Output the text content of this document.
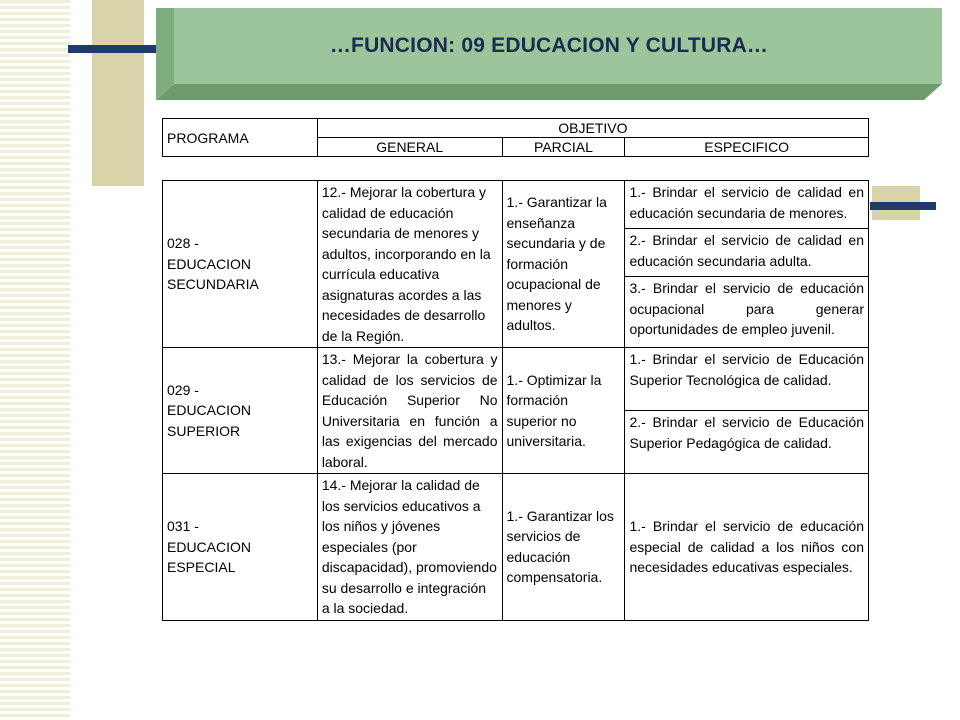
…FUNCION: 09 EDUCACION Y CULTURA…
PROGRAMA	OBJETIVO		
	GENERAL	PARCIAL	ESPECIFICO
028 -
EDUCACION
SECUNDARIA	12.- Mejorar la cobertura y calidad de educación secundaria de menores y adultos, incorporando en la currícula educativa asignaturas acordes a las necesidades de desarrollo de la Región.	1.- Garantizar la enseñanza secundaria y de formación ocupacional de menores y adultos.	1.- Brindar el servicio de calidad en educación secundaria de menores.
			2.- Brindar el servicio de calidad en educación secundaria adulta.
			3.- Brindar el servicio de educación ocupacional para generar oportunidades de empleo juvenil.
029 -
EDUCACION
SUPERIOR	13.- Mejorar la cobertura y calidad de los servicios de Educación Superior No Universitaria en función a las exigencias del mercado laboral.	1.- Optimizar la formación superior no universitaria.	1.- Brindar el servicio de Educación Superior Tecnológica de calidad.
			2.- Brindar el servicio de Educación Superior Pedagógica de calidad.
031 -
EDUCACION
ESPECIAL	14.- Mejorar la calidad de los servicios educativos a los niños y jóvenes especiales (por discapacidad), promoviendo su desarrollo e integración a la sociedad.	1.- Garantizar los servicios de educación compensatoria.	1.- Brindar el servicio de educación especial de calidad a los niños con necesidades educativas especiales.
